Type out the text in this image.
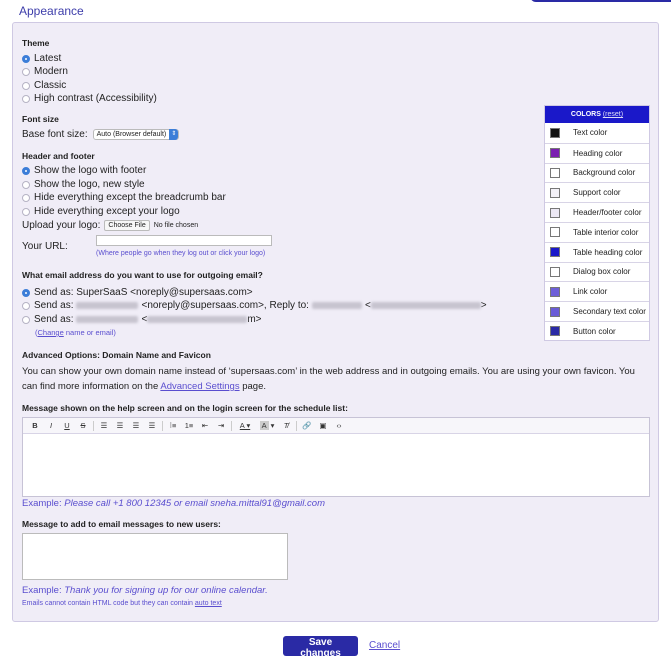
Appearance
Theme
Latest
Modern
Classic
High contrast (Accessibility)
Font size
Base font size: Auto (Browser default) ⇕
Header and footer
Show the logo with footer
Show the logo, new style
Hide everything except the breadcrumb bar
Hide everything except your logo
Upload your logo:	Choose File	No file chosen
Your URL:
(Where people go when they log out or click your logo)
What email address do you want to use for outgoing email?
Send as: SuperSaaS <noreply@supersaas.com>
Send as:	<noreply@supersaas.com>, Reply to:	<	>
Send as:	<	m>
(Change name or email)
Advanced Options: Domain Name and Favicon
You can show your own domain name instead of ‘supersaas.com’ in the web address and in outgoing emails. You are using your own favicon. You can find more information on the Advanced Settings page.
Message shown on the help screen and on the login screen for the schedule list:
B	I	U	S	☰	☰	☰	☰	⁝≡	1≡	⇤	⇥	A ▾	A ▾	T̸	🔗	▣	‹›
Example: Please call +1 800 12345 or email sneha.mittal91@gmail.com
Message to add to email messages to new users:
Example: Thank you for signing up for our online calendar.
Emails cannot contain HTML code but they can contain auto text
COLORS (reset)
Text color
Heading color
Background color
Support color
Header/footer color
Table interior color
Table heading color
Dialog box color
Link color
Secondary text color
Button color
Save changes
Cancel
